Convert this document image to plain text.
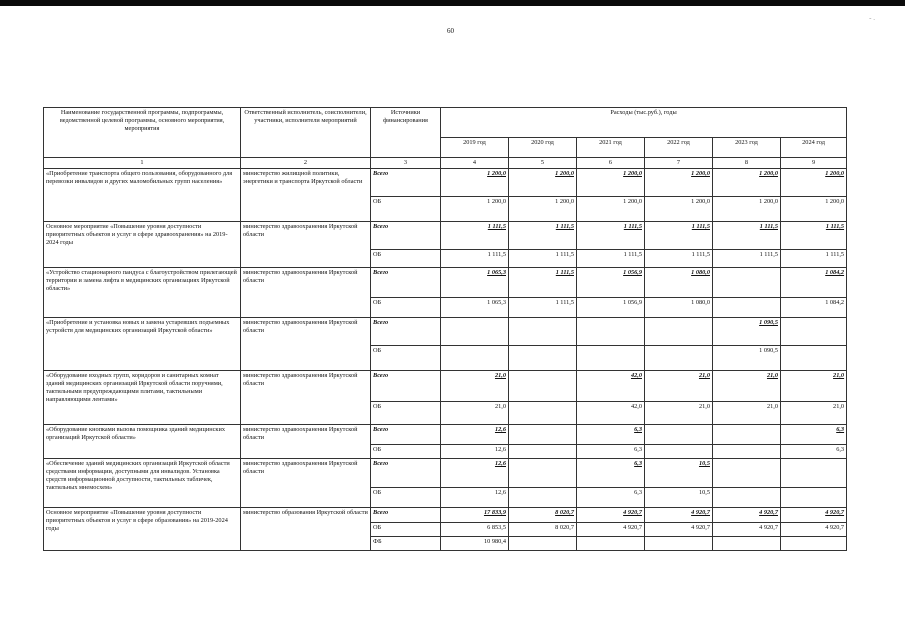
60
- .
Наименование государственной программы, подпрограммы, ведомственной целевой программы, основного мероприятия, мероприятия	Ответственный исполнитель, соисполнители, участники, исполнители мероприятий	Источники финансирования	Расходы (тыс.руб.), годы					
			2019 год	2020 год	2021 год	2022 год	2023 год	2024 год
1	2	3	4	5	6	7	8	9
«Приобретение транспорта общего пользования, оборудованного для перевозки инвалидов и других маломобильных групп населения»	министерство жилищной политики, энергетики и транспорта Иркутской области	Всего	1 200,0	1 200,0	1 200,0	1 200,0	1 200,0	1 200,0
		ОБ	1 200,0	1 200,0	1 200,0	1 200,0	1 200,0	1 200,0
Основное мероприятие «Повышение уровня доступности приоритетных объектов и услуг в сфере здравоохранения» на 2019-2024 годы	министерство здравоохранения Иркутской области	Всего	1 111,5	1 111,5	1 111,5	1 111,5	1 111,5	1 111,5
		ОБ	1 111,5	1 111,5	1 111,5	1 111,5	1 111,5	1 111,5
«Устройство стационарного пандуса с благоустройством прилегающей территории и замена лифта в медицинских организациях Иркутской области»	министерство здравоохранения Иркутской области	Всего	1 065,3	1 111,5	1 056,9	1 080,0		1 084,2
		ОБ	1 065,3	1 111,5	1 056,9	1 080,0		1 084,2
«Приобретение и установка новых и замена устаревших подъемных устройств для медицинских организаций Иркутской области»	министерство здравоохранения Иркутской области	Всего					1 090,5	
		ОБ					1 090,5	
«Оборудование входных групп, коридоров и санитарных комнат зданий медицинских организаций Иркутской области поручнями, тактильными предупреждающими плитами, тактильными направляющими лентами»	министерство здравоохранения Иркутской области	Всего	21,0		42,0	21,0	21,0	21,0
		ОБ	21,0		42,0	21,0	21,0	21,0
«Оборудование кнопками вызова помощника зданий медицинских организаций Иркутской области»	министерство здравоохранения Иркутской области	Всего	12,6		6,3			6,3
		ОБ	12,6		6,3			6,3
«Обеспечение зданий медицинских организаций Иркутской области средствами информации, доступными для инвалидов. Установка средств информационной доступности, тактильных табличек, тактильных мнемосхем»	министерство здравоохранения Иркутской области	Всего	12,6		6,3	10,5		
		ОБ	12,6		6,3	10,5		
Основное мероприятие «Повышение уровня доступности приоритетных объектов и услуг в сфере образования» на 2019-2024 годы	министерство образования Иркутской области	Всего	17 833,9	8 020,7	4 920,7	4 920,7	4 920,7	4 920,7
		ОБ	6 853,5	8 020,7	4 920,7	4 920,7	4 920,7	4 920,7
		ФБ	10 980,4					
